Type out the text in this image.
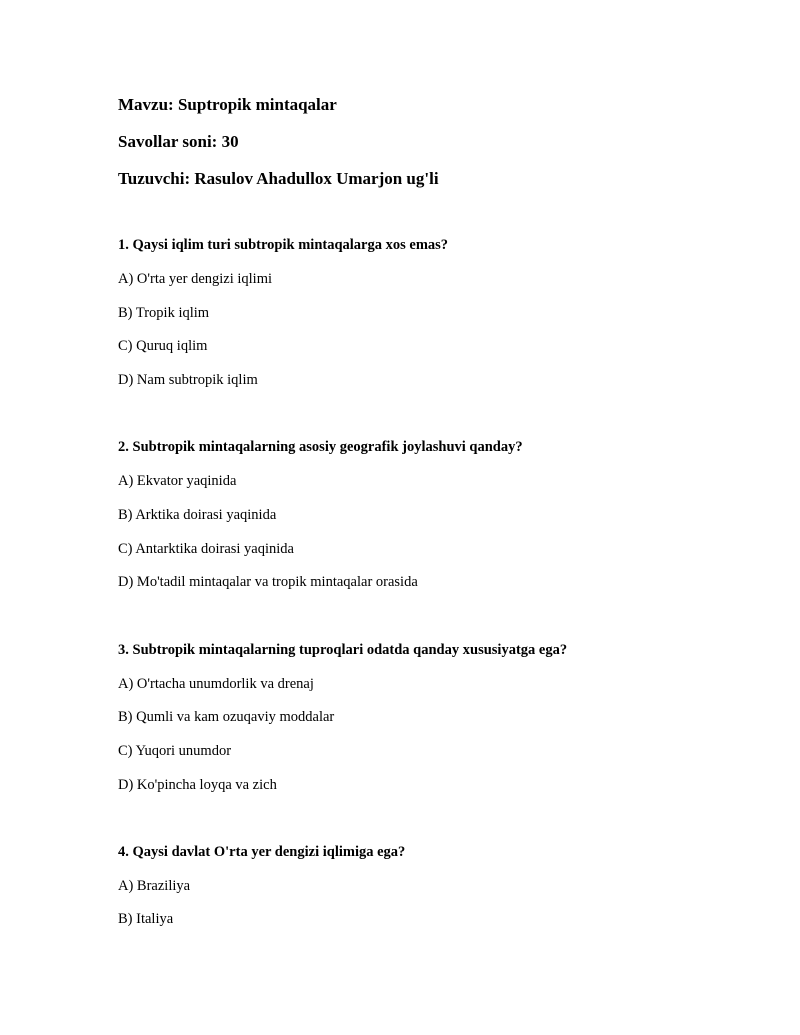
Mavzu: Suptropik mintaqalar

Savollar soni: 30

Tuzuvchi: Rasulov Ahadullox Umarjon ug'li

1. Qaysi iqlim turi subtropik mintaqalarga xos emas?

A) O'rta yer dengizi iqlimi

B) Tropik iqlim

C) Quruq iqlim

D) Nam subtropik iqlim

2. Subtropik mintaqalarning asosiy geografik joylashuvi qanday?

A) Ekvator yaqinida

B) Arktika doirasi yaqinida

C) Antarktika doirasi yaqinida

D) Mo'tadil mintaqalar va tropik mintaqalar orasida

3. Subtropik mintaqalarning tuproqlari odatda qanday xususiyatga ega?

A) O'rtacha unumdorlik va drenaj

B) Qumli va kam ozuqaviy moddalar

C) Yuqori unumdor

D) Ko'pincha loyqa va zich

4. Qaysi davlat O'rta yer dengizi iqlimiga ega?

A) Braziliya

B) Italiya
